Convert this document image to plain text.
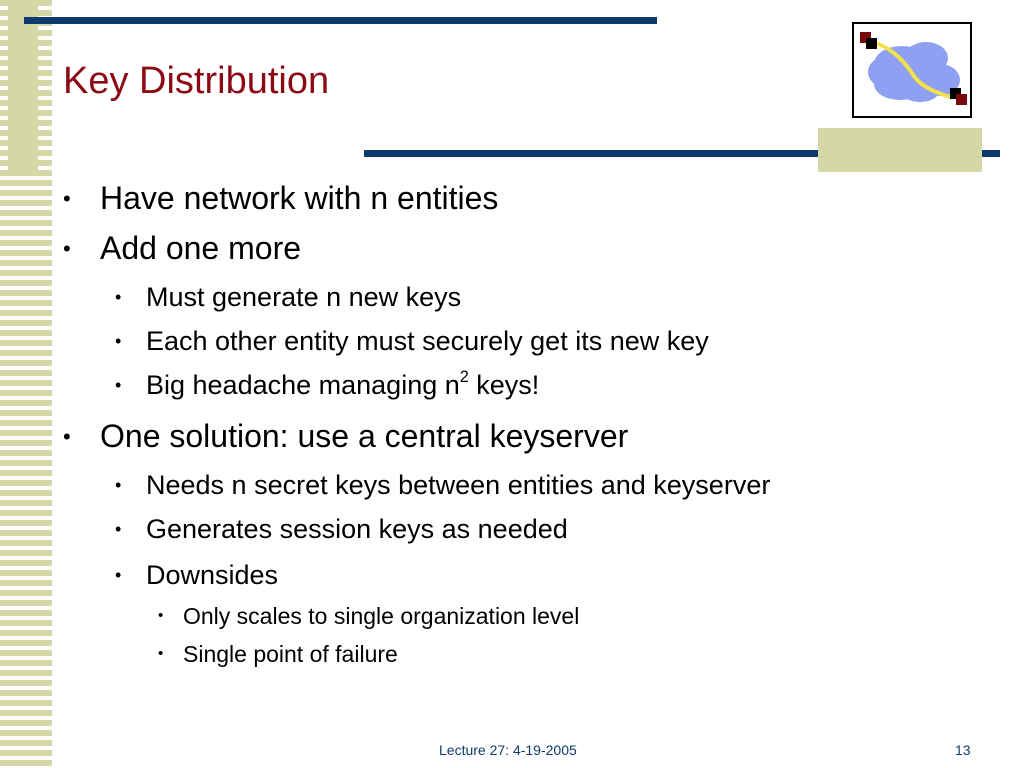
Key Distribution
• Have network with n entities
• Add one more
• Must generate n new keys
• Each other entity must securely get its new key
• Big headache managing $n^2$ keys!
• One solution: use a central keyserver
• Needs n secret keys between entities and keyserver
• Generates session keys as needed
• Downsides
• Only scales to single organization level
• Single point of failure
Lecture 27: 4-19-2005	13
